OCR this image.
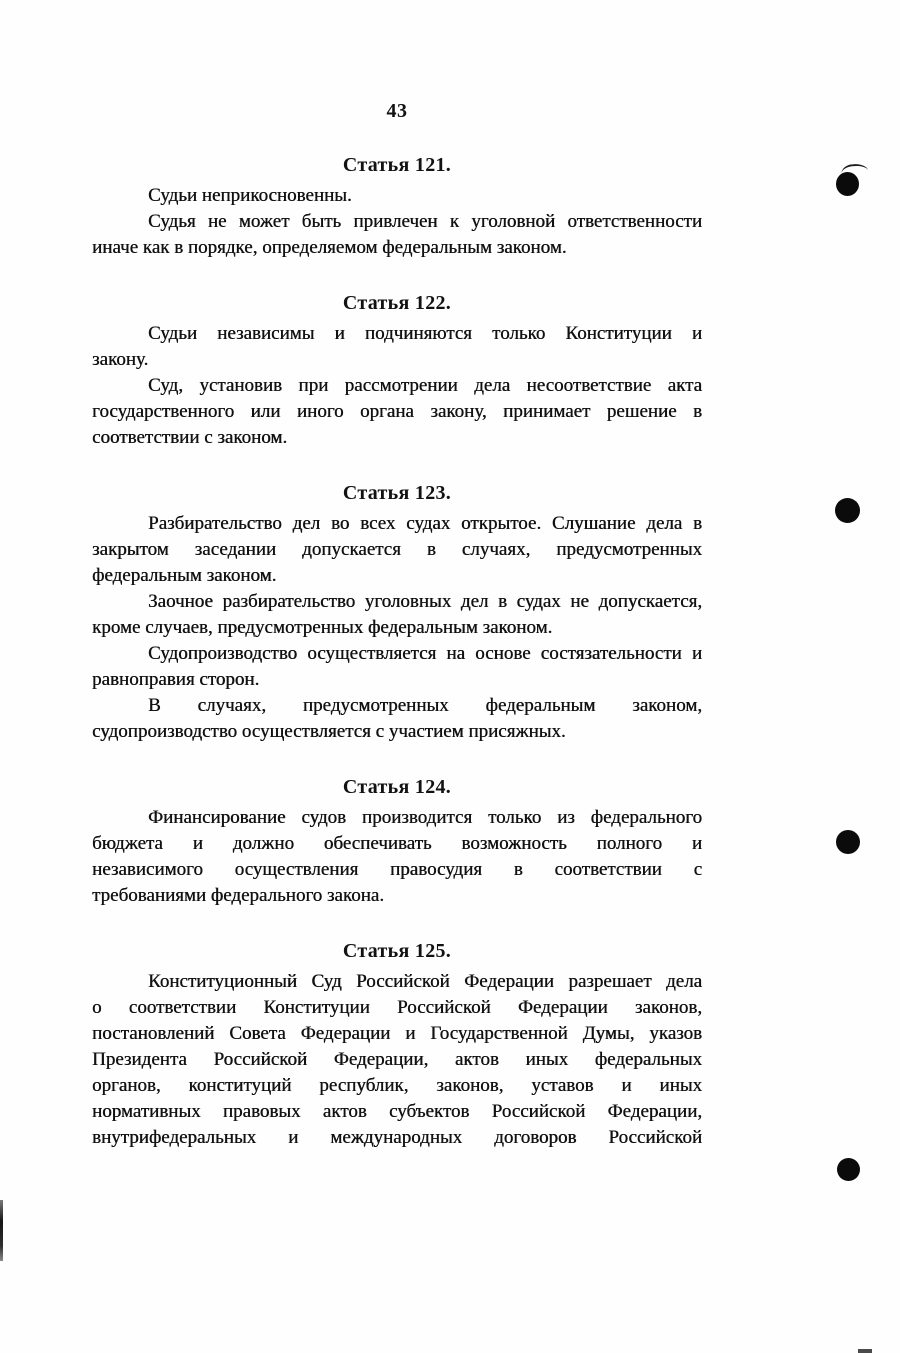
43
Статья 121.
Судьи неприкосновенны.
Судья не может быть привлечен к уголовной ответственности
иначе как в порядке, определяемом федеральным законом.
Статья 122.
Судьи независимы и подчиняются только Конституции и
закону.
Суд, установив при рассмотрении дела несоответствие акта
государственного или иного органа закону, принимает решение в
соответствии с законом.
Статья 123.
Разбирательство дел во всех судах открытое. Слушание дела в
закрытом заседании допускается в случаях, предусмотренных
федеральным законом.
Заочное разбирательство уголовных дел в судах не допускается,
кроме случаев, предусмотренных федеральным законом.
Судопроизводство осуществляется на основе состязательности и
равноправия сторон.
В случаях, предусмотренных федеральным законом,
судопроизводство осуществляется с участием присяжных.
Статья 124.
Финансирование судов производится только из федерального
бюджета и должно обеспечивать возможность полного и
независимого осуществления правосудия в соответствии с
требованиями федерального закона.
Статья 125.
Конституционный Суд Российской Федерации разрешает дела
о соответствии Конституции Российской Федерации законов,
постановлений Совета Федерации и Государственной Думы, указов
Президента Российской Федерации, актов иных федеральных
органов, конституций республик, законов, уставов и иных
нормативных правовых актов субъектов Российской Федерации,
внутрифедеральных и международных договоров Российской
